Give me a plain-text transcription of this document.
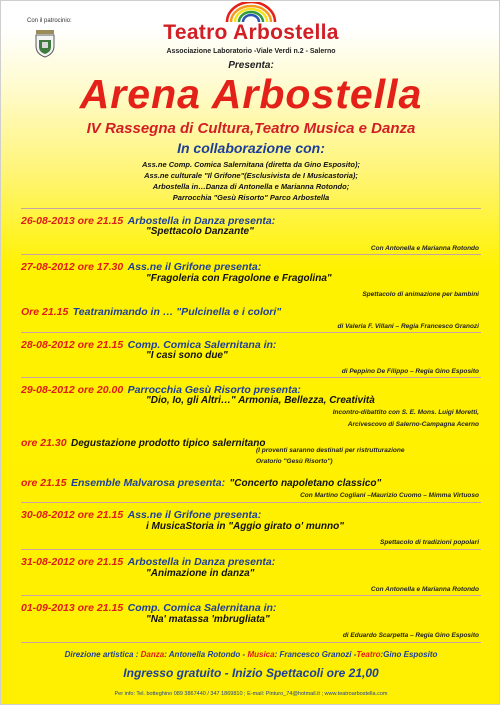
Con il patrocinio:	Teatro Arbostella
Associazione Laboratorio -Viale Verdi n.2 - Salerno
Presenta:
Arena Arbostella
IV Rassegna di Cultura,Teatro Musica e Danza
In collaborazione con:
Ass.ne Comp. Comica Salernitana (diretta da Gino Esposito);
Ass.ne culturale "Il Grifone"(Esclusivista de I Musicastoria);
Arbostella in…Danza di Antonella e Marianna Rotondo;
Parrocchia "Gesù Risorto" Parco Arbostella
26-08-2013 ore 21.15 Arbostella in Danza presenta:
"Spettacolo Danzante"
Con Antonella e Marianna Rotondo
27-08-2012 ore 17.30 Ass.ne il Grifone presenta:
"Fragoleria con Fragolone e Fragolina"
Spettacolo di animazione per bambini
Ore 21.15 Teatranimando in … "Pulcinella e i colori"
di Valeria F. Villani – Regia Francesco Granozi
28-08-2012 ore 21.15 Comp. Comica Salernitana in:
"I casi sono due"
di Peppino De Filippo – Regia Gino Esposito
29-08-2012 ore 20.00 Parrocchia Gesù Risorto presenta:
"Dio, Io, gli Altri…" Armonia, Bellezza, Creatività
Incontro-dibattito con S. E. Mons. Luigi Moretti,
Arcivescovo di Salerno-Campagna Acerno
ore 21.30 Degustazione prodotto tipico salernitano
(I proventi saranno destinati per ristrutturazione
Oratorio "Gesù Risorto")
ore 21.15 Ensemble Malvarosa presenta: "Concerto napoletano classico"
Con Martino Cogliani –Maurizio Cuomo – Mimma Virtuoso
30-08-2012 ore 21.15 Ass.ne il Grifone presenta:
i MusicaStoria in "Aggio girato o' munno"
Spettacolo di tradizioni popolari
31-08-2012 ore 21.15 Arbostella in Danza presenta:
"Animazione in danza"
Con Antonella e Marianna Rotondo
01-09-2013 ore 21.15 Comp. Comica Salernitana in:
"Na' matassa 'mbrugliata"
di Eduardo Scarpetta – Regia Gino Esposito
Direzione artistica : Danza: Antonella Rotondo - Musica: Francesco Granozi -Teatro:Gino Esposito
Ingresso gratuito - Inizio Spettacoli ore 21,00
Per info: Tel. botteghino 089 3867440 / 347 1869810 ; E-mail: Pinturo_74@hotmail.it ; www.teatroarbostella.com
